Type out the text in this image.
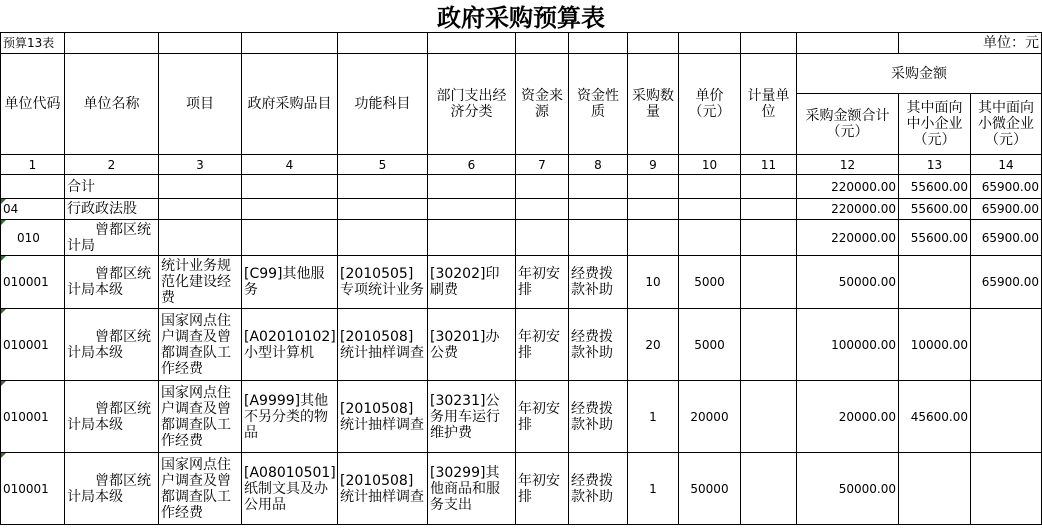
政府采购预算表
预算13表												单位：元	
单位代码	单位名称	项目	政府采购品目	功能科目	部门支出经济分类	资金来源	资金性质	采购数量	单价（元）	计量单位	采购金额		
											采购金额合计（元）	其中面向中小企业（元）	其中面向小微企业（元）
1	2	3	4	5	6	7	8	9	10	11	12	13	14
	合计										220000.00	55600.00	65900.00
04	行政政法股										220000.00	55600.00	65900.00
010	曾都区统计局										220000.00	55600.00	65900.00
010001	曾都区统计局本级	统计业务规范化建设经费	[C99]其他服务	[2010505]专项统计业务	[30202]印刷费	年初安排	经费拨款补助	10	5000		50000.00		65900.00
010001	曾都区统计局本级	国家网点住户调查及曾都调查队工作经费	[A02010102]小型计算机	[2010508]统计抽样调查	[30201]办公费	年初安排	经费拨款补助	20	5000		100000.00	10000.00	
010001	曾都区统计局本级	国家网点住户调查及曾都调查队工作经费	[A9999]其他不另分类的物品	[2010508]统计抽样调查	[30231]公务用车运行维护费	年初安排	经费拨款补助	1	20000		20000.00	45600.00	
010001	曾都区统计局本级	国家网点住户调查及曾都调查队工作经费	[A08010501]纸制文具及办公用品	[2010508]统计抽样调查	[30299]其他商品和服务支出	年初安排	经费拨款补助	1	50000		50000.00		
